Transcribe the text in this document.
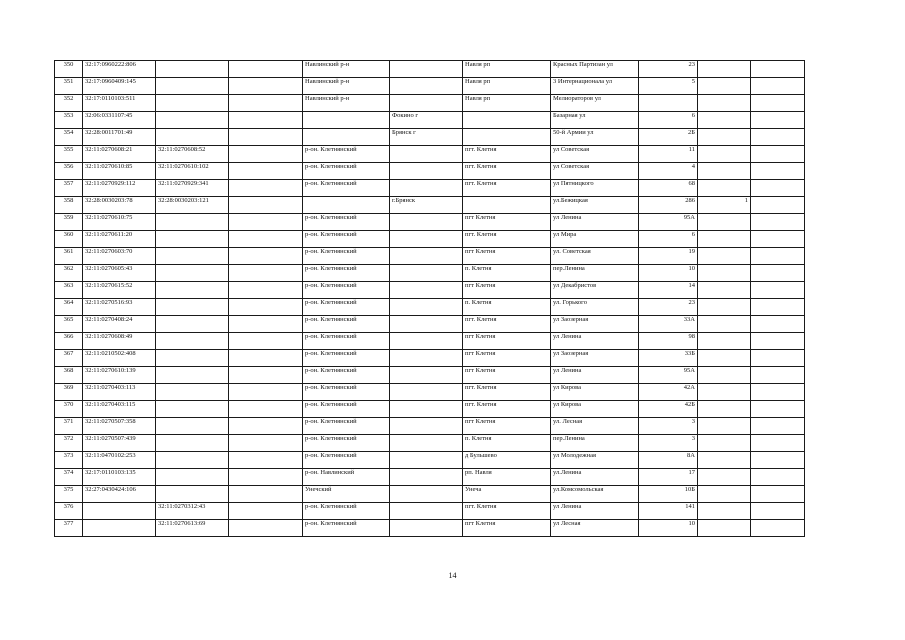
350	32:17:0960222:806			Навлинский р-н		Навля рп	Красных Партизан ул	23		
351	32:17:0960409:145			Навлинский р-н		Навля рп	3 Интернационала ул	5		
352	32:17:0110103:511			Навлинский р-н		Навля рп	Мелиораторов ул			
353	32:06:0331107:45				Фокино г		Базарная ул	6		
354	32:28:0011701:49				Брянск г		50-й Армии ул	2Б		
355	32:11:0270608:21	32:11:0270608:52		р-он. Клетнянский		пгт. Клетня	ул Советская	11		
356	32:11:0270610:85	32:11:0270610:102		р-он. Клетнянский		пгт. Клетня	ул Советская	4		
357	32:11:0270929:112	32:11:0270929:341		р-он. Клетнянский		пгт. Клетня	ул Пятницкого	68		
358	32:28:0030203:78	32:28:0030203:121			г.Брянск		ул.Бежицкая	286	1	
359	32:11:0270610:75			р-он. Клетнянский		пгт Клетня	ул Ленина	95А		
360	32:11:0270611:20			р-он. Клетнянский		пгт. Клетня	ул Мира	6		
361	32:11:0270603:70			р-он. Клетнянский		пгт Клетня	ул. Советская	19		
362	32:11:0270605:43			р-он. Клетнянский		п. Клетня	пер.Ленина	10		
363	32:11:0270615:52			р-он. Клетнянский		пгт Клетня	ул Декабристов	14		
364	32:11:0270516:93			р-он. Клетнянский		п. Клетня	ул. Горького	23		
365	32:11:0270408:24			р-он. Клетнянский		пгт. Клетня	ул Заозерная	33А		
366	32:11:0270608:49			р-он. Клетнянский		пгт Клетня	ул Ленина	98		
367	32:11:0210502:408			р-он. Клетнянский		пгт Клетня	ул Заозерная	33Б		
368	32:11:0270610:139			р-он. Клетнянский		пгт Клетня	ул Ленина	95А		
369	32:11:0270403:113			р-он. Клетнянский		пгт. Клетня	ул Кирова	42А		
370	32:11:0270403:115			р-он. Клетнянский		пгт. Клетня	ул Кирова	42Б		
371	32:11:0270507:358			р-он. Клетнянский		пгт Клетня	ул. Лесная	3		
372	32:11:0270507:439			р-он. Клетнянский		п. Клетня	пер.Ленина	3		
373	32:11:0470102:253			р-он. Клетнянский		д Бульшево	ул Молодежная	8А		
374	32:17:0110103:135			р-он. Навлинский		рп. Навля	ул.Ленина	17		
375	32:27:0430424:106			Унечский		Унеча	ул.Комсомольская	10Б		
376		32:11:0270312:43		р-он. Клетнянский		пгт. Клетня	ул Ленина	141		
377		32:11:0270613:69		р-он. Клетнянский		пгт Клетня	ул Лесная	10		
14
